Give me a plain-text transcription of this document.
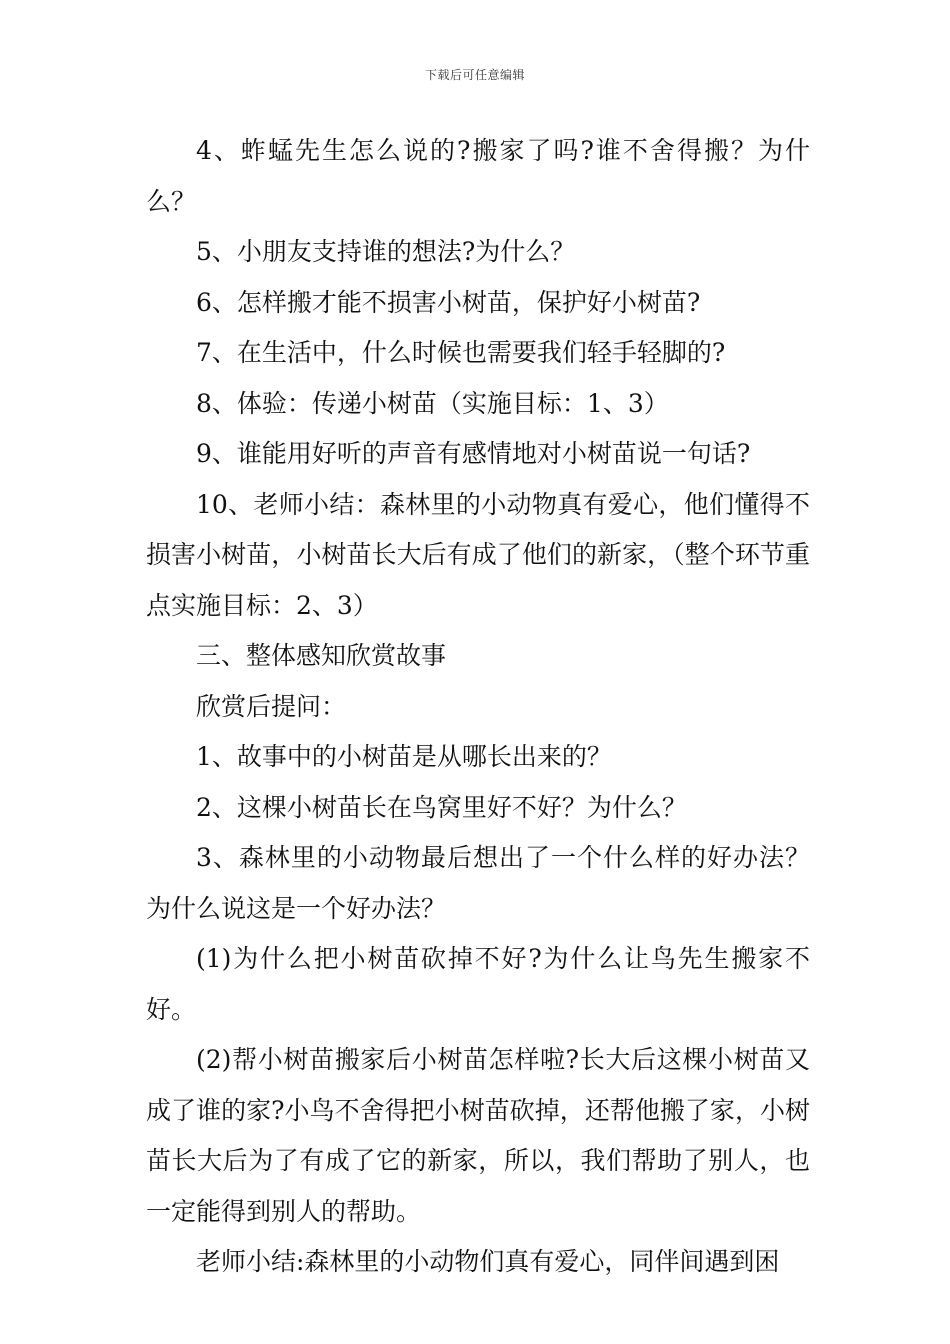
下载后可任意编辑

4、蚱蜢先生怎么说的?搬家了吗?谁不舍得搬？为什么？

5、小朋友支持谁的想法?为什么？

6、怎样搬才能不损害小树苗，保护好小树苗?

7、在生活中，什么时候也需要我们轻手轻脚的?

8、体验：传递小树苗（实施目标：1、3）

9、谁能用好听的声音有感情地对小树苗说一句话?

10、老师小结：森林里的小动物真有爱心，他们懂得不损害小树苗，小树苗长大后有成了他们的新家，（整个环节重点实施目标：2、3）

三、整体感知欣赏故事

欣赏后提问：

1、故事中的小树苗是从哪长出来的？

2、这棵小树苗长在鸟窝里好不好？为什么？

3、森林里的小动物最后想出了一个什么样的好办法？为什么说这是一个好办法？

(1)为什么把小树苗砍掉不好?为什么让鸟先生搬家不好。

(2)帮小树苗搬家后小树苗怎样啦?长大后这棵小树苗又成了谁的家?小鸟不舍得把小树苗砍掉，还帮他搬了家，小树苗长大后为了有成了它的新家，所以，我们帮助了别人，也一定能得到别人的帮助。

老师小结:森林里的小动物们真有爱心，同伴间遇到困
